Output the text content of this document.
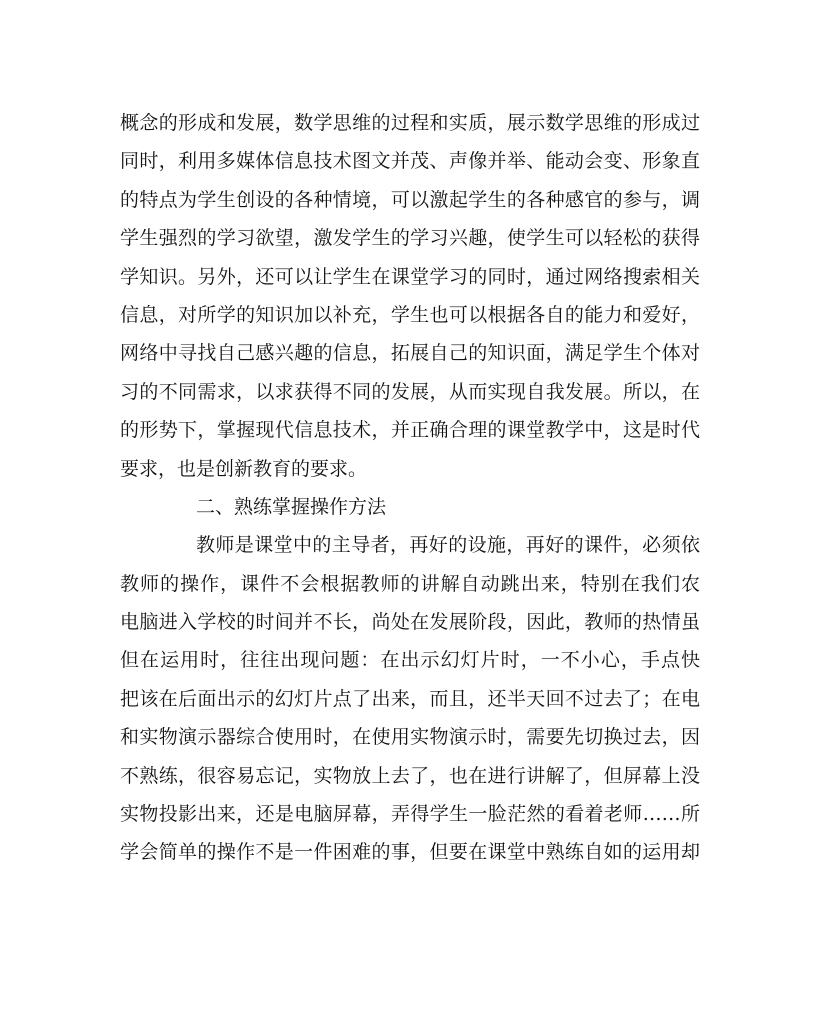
概念的形成和发展，数学思维的过程和实质，展示数学思维的形成过
同时，利用多媒体信息技术图文并茂、声像并举、能动会变、形象直
的特点为学生创设的各种情境，可以激起学生的各种感官的参与，调
学生强烈的学习欲望，激发学生的学习兴趣，使学生可以轻松的获得
学知识。另外，还可以让学生在课堂学习的同时，通过网络搜索相关
信息，对所学的知识加以补充，学生也可以根据各自的能力和爱好，
网络中寻找自己感兴趣的信息，拓展自己的知识面，满足学生个体对
习的不同需求，以求获得不同的发展，从而实现自我发展。所以，在
的形势下，掌握现代信息技术，并正确合理的课堂教学中，这是时代
要求，也是创新教育的要求。
二、熟练掌握操作方法
教师是课堂中的主导者，再好的设施，再好的课件，必须依
教师的操作，课件不会根据教师的讲解自动跳出来，特别在我们农
电脑进入学校的时间并不长，尚处在发展阶段，因此，教师的热情虽
但在运用时，往往出现问题：在出示幻灯片时，一不小心，手点快
把该在后面出示的幻灯片点了出来，而且，还半天回不过去了；在电
和实物演示器综合使用时，在使用实物演示时，需要先切换过去，因
不熟练，很容易忘记，实物放上去了，也在进行讲解了，但屏幕上没
实物投影出来，还是电脑屏幕，弄得学生一脸茫然的看着老师……所
学会简单的操作不是一件困难的事，但要在课堂中熟练自如的运用却
